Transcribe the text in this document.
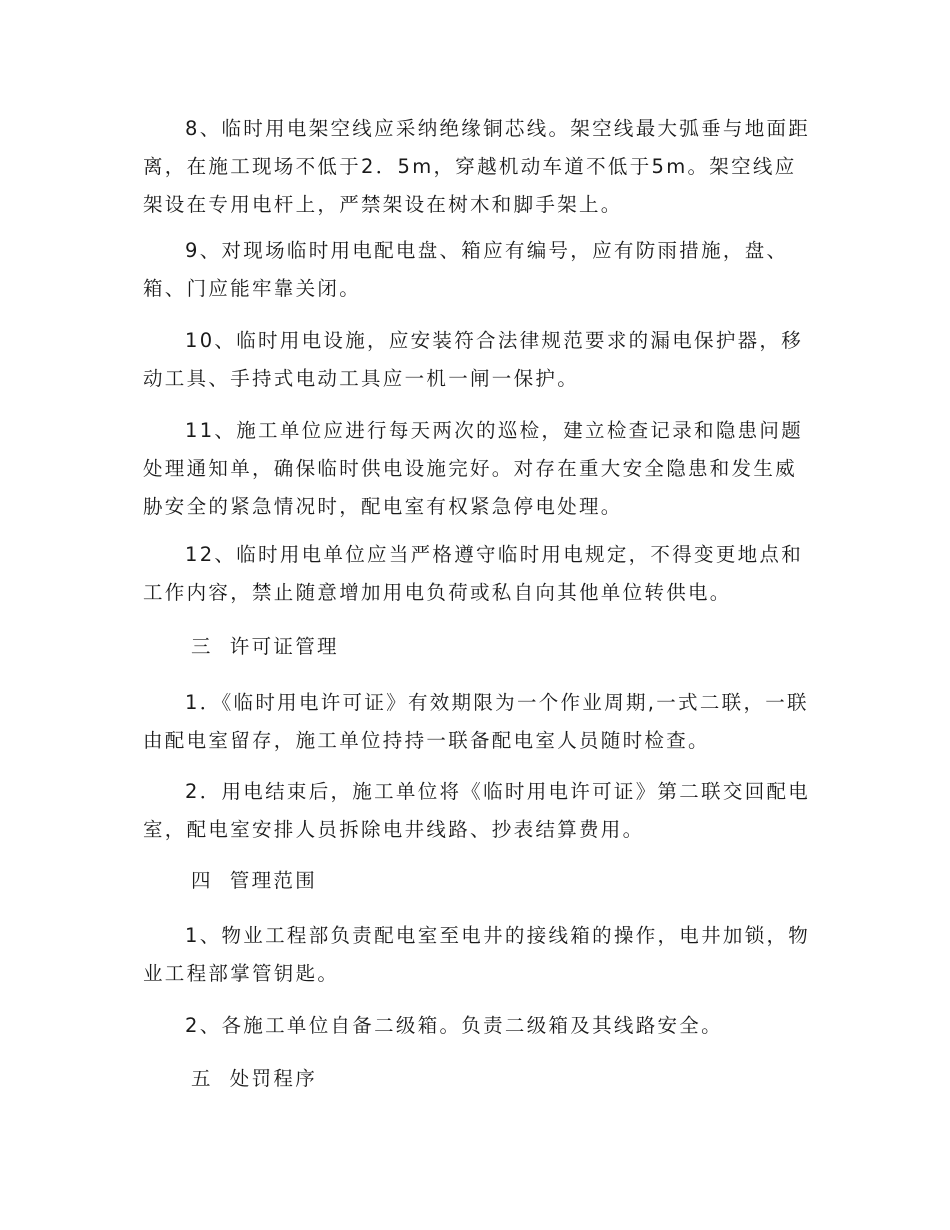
8、临时用电架空线应采纳绝缘铜芯线。架空线最大弧垂与地面距离，在施工现场不低于2．5m，穿越机动车道不低于5m。架空线应架设在专用电杆上，严禁架设在树木和脚手架上。

9、对现场临时用电配电盘、箱应有编号，应有防雨措施，盘、箱、门应能牢靠关闭。

10、临时用电设施，应安装符合法律规范要求的漏电保护器，移动工具、手持式电动工具应一机一闸一保护。

11、施工单位应进行每天两次的巡检，建立检查记录和隐患问题处理通知单，确保临时供电设施完好。对存在重大安全隐患和发生威胁安全的紧急情况时，配电室有权紧急停电处理。

12、临时用电单位应当严格遵守临时用电规定，不得变更地点和工作内容，禁止随意增加用电负荷或私自向其他单位转供电。

三  许可证管理

1．《临时用电许可证》有效期限为一个作业周期,一式二联，一联由配电室留存，施工单位持持一联备配电室人员随时检查。

2．用电结束后，施工单位将《临时用电许可证》第二联交回配电室，配电室安排人员拆除电井线路、抄表结算费用。

四  管理范围

1、物业工程部负责配电室至电井的接线箱的操作，电井加锁，物业工程部掌管钥匙。

2、各施工单位自备二级箱。负责二级箱及其线路安全。

五  处罚程序
